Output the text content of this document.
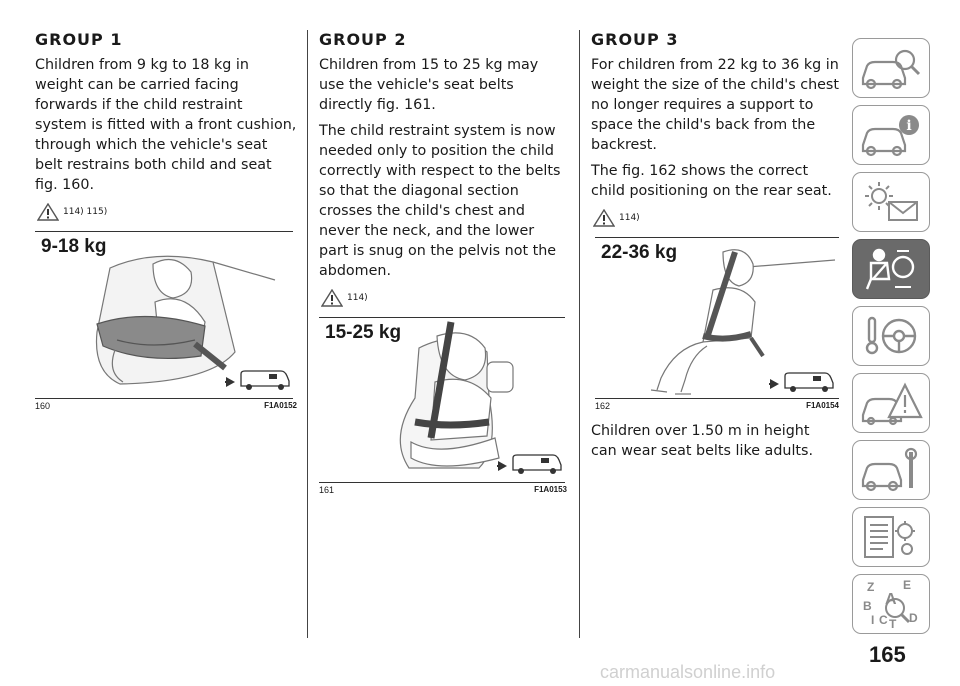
GROUP 1

Children from 9 kg to 18 kg in weight can be carried facing forwards if the child restraint system is fitted with a front cushion, through which the vehicle's seat belt restrains both child and seat fig. 160.

114) 115)
9-18 kg
160	F1A0152
GROUP 2

Children from 15 to 25 kg may use the vehicle's seat belts directly fig. 161.

The child restraint system is now needed only to position the child correctly with respect to the belts so that the diagonal section crosses the child's chest and never the neck, and the lower part is snug on the pelvis not the abdomen.

114)
15-25 kg
161	F1A0153
GROUP 3

For children from 22 kg to 36 kg in weight the size of the child's chest no longer requires a support to space the child's back from the backrest.

The fig. 162 shows the correct child positioning on the rear seat.

114)
22-36 kg
162	F1A0154

Children over 1.50 m in height can wear seat belts like adults.

i
Z E
A
B
I C T D
165
carmanualsonline.info
